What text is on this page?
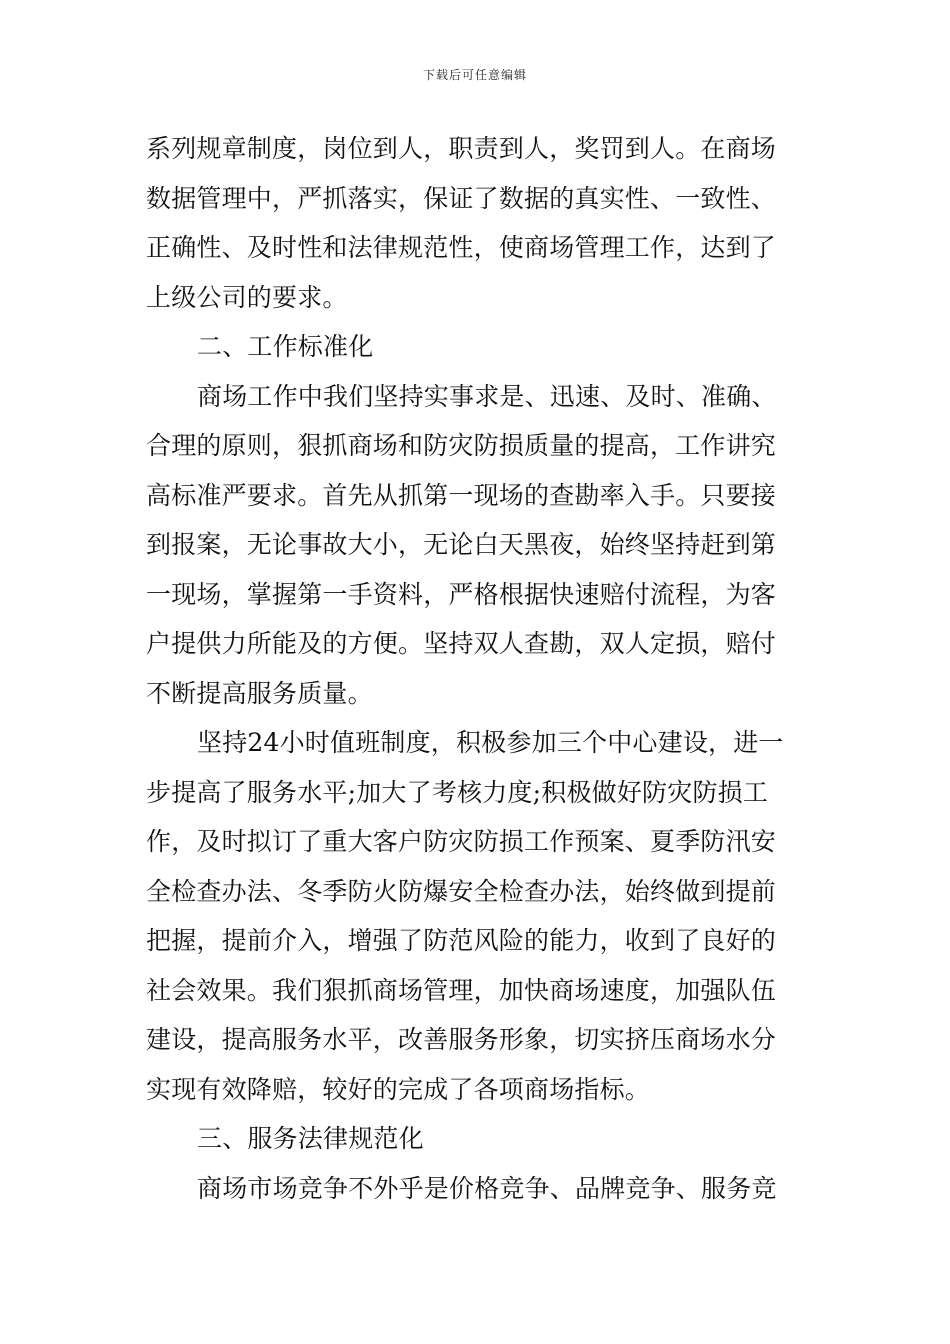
下载后可任意编辑
系列规章制度，岗位到人，职责到人，奖罚到人。在商场
数据管理中，严抓落实，保证了数据的真实性、一致性、
正确性、及时性和法律规范性，使商场管理工作，达到了
上级公司的要求。
二、工作标准化
商场工作中我们坚持实事求是、迅速、及时、准确、
合理的原则，狠抓商场和防灾防损质量的提高，工作讲究
高标准严要求。首先从抓第一现场的查勘率入手。只要接
到报案，无论事故大小，无论白天黑夜，始终坚持赶到第
一现场，掌握第一手资料，严格根据快速赔付流程，为客
户提供力所能及的方便。坚持双人查勘，双人定损，赔付
不断提高服务质量。
坚持24小时值班制度，积极参加三个中心建设，进一
步提高了服务水平;加大了考核力度;积极做好防灾防损工
作，及时拟订了重大客户防灾防损工作预案、夏季防汛安
全检查办法、冬季防火防爆安全检查办法，始终做到提前
把握，提前介入，增强了防范风险的能力，收到了良好的
社会效果。我们狠抓商场管理，加快商场速度，加强队伍
建设，提高服务水平，改善服务形象，切实挤压商场水分
实现有效降赔，较好的完成了各项商场指标。
三、服务法律规范化
商场市场竞争不外乎是价格竞争、品牌竞争、服务竞
